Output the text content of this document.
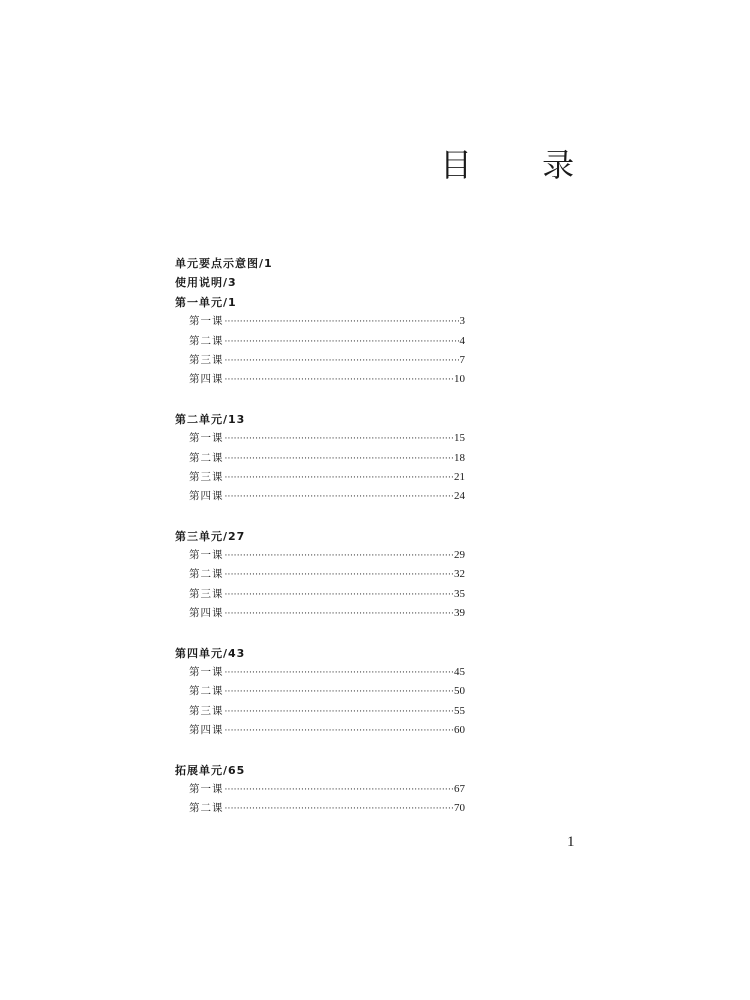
目 录
单元要点示意图/1
使用说明/3
第一单元/1
第一课 ·····	3
第二课 ·····	4
第三课 ·····	7
第四课 ·····	10
第二单元/13
第一课 ·····	15
第二课 ·····	18
第三课 ·····	21
第四课 ·····	24
第三单元/27
第一课 ·····	29
第二课 ·····	32
第三课 ·····	35
第四课 ·····	39
第四单元/43
第一课 ·····	45
第二课 ·····	50
第三课 ·····	55
第四课 ·····	60
拓展单元/65
第一课 ·····	67
第二课 ·····	70
1
